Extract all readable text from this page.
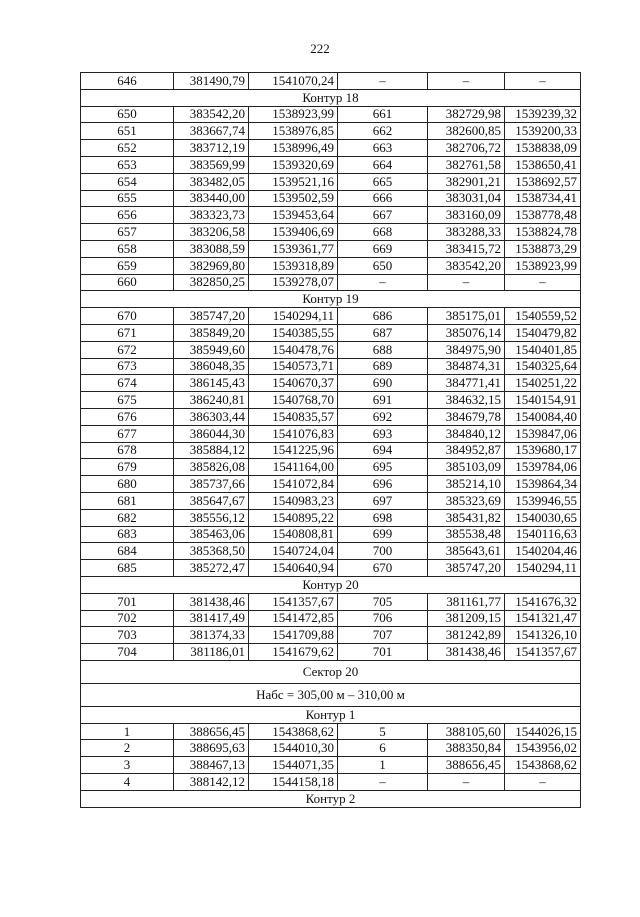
222
646	381490,79	1541070,24	–	–	–
Контур 18					
650	383542,20	1538923,99	661	382729,98	1539239,32
651	383667,74	1538976,85	662	382600,85	1539200,33
652	383712,19	1538996,49	663	382706,72	1538838,09
653	383569,99	1539320,69	664	382761,58	1538650,41
654	383482,05	1539521,16	665	382901,21	1538692,57
655	383440,00	1539502,59	666	383031,04	1538734,41
656	383323,73	1539453,64	667	383160,09	1538778,48
657	383206,58	1539406,69	668	383288,33	1538824,78
658	383088,59	1539361,77	669	383415,72	1538873,29
659	382969,80	1539318,89	650	383542,20	1538923,99
660	382850,25	1539278,07	–	–	–
Контур 19					
670	385747,20	1540294,11	686	385175,01	1540559,52
671	385849,20	1540385,55	687	385076,14	1540479,82
672	385949,60	1540478,76	688	384975,90	1540401,85
673	386048,35	1540573,71	689	384874,31	1540325,64
674	386145,43	1540670,37	690	384771,41	1540251,22
675	386240,81	1540768,70	691	384632,15	1540154,91
676	386303,44	1540835,57	692	384679,78	1540084,40
677	386044,30	1541076,83	693	384840,12	1539847,06
678	385884,12	1541225,96	694	384952,87	1539680,17
679	385826,08	1541164,00	695	385103,09	1539784,06
680	385737,66	1541072,84	696	385214,10	1539864,34
681	385647,67	1540983,23	697	385323,69	1539946,55
682	385556,12	1540895,22	698	385431,82	1540030,65
683	385463,06	1540808,81	699	385538,48	1540116,63
684	385368,50	1540724,04	700	385643,61	1540204,46
685	385272,47	1540640,94	670	385747,20	1540294,11
Контур 20					
701	381438,46	1541357,67	705	381161,77	1541676,32
702	381417,49	1541472,85	706	381209,15	1541321,47
703	381374,33	1541709,88	707	381242,89	1541326,10
704	381186,01	1541679,62	701	381438,46	1541357,67
Сектор 20					
Набс = 305,00 м – 310,00 м					
Контур 1					
1	388656,45	1543868,62	5	388105,60	1544026,15
2	388695,63	1544010,30	6	388350,84	1543956,02
3	388467,13	1544071,35	1	388656,45	1543868,62
4	388142,12	1544158,18	–	–	–
Контур 2					
